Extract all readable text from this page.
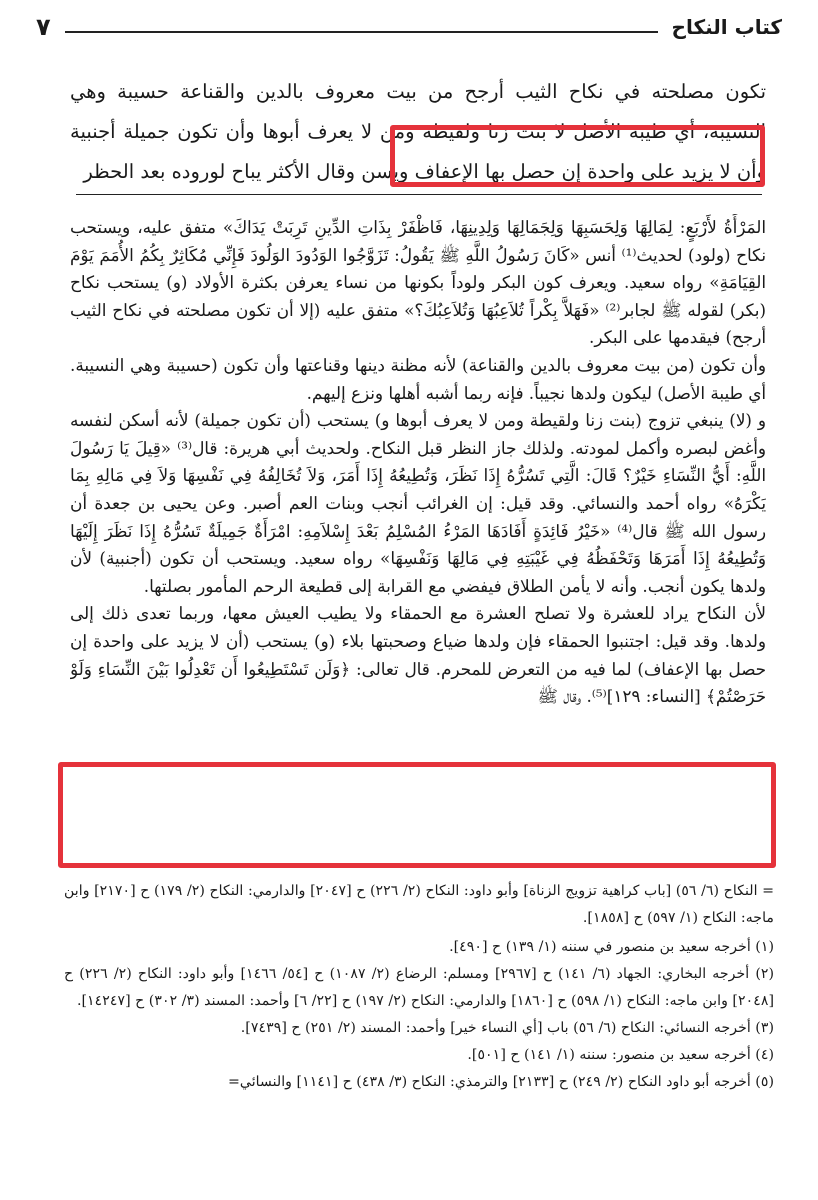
كتاب النكاح
٧

تكون مصلحته في نكاح الثيب أرجح من بيت معروف بالدين والقناعة حسيبة وهي النسيبة، أي طيبة الأصل لا بنت زنا ولقيطة ومن لا يعرف أبوها وأن تكون جميلة أجنبية وأن لا يزيد على واحدة إن حصل بها الإعفاف ويسن وقال الأكثر يباح لوروده بعد الحظر

المَرْأَةُ لأَرْبَعٍ: لِمَالِهَا وَلِحَسَبِهَا وَلِجَمَالِهَا وَلِدِينِهَا، فَاظْفَرْ بِذَاتِ الدِّينِ تَرِبَتْ يَدَاكَ» متفق عليه، ويستحب نكاح (ولود) لحديث⁽¹⁾ أنس «كَانَ رَسُولُ اللَّهِ ﷺ يَقُولُ: تَزَوَّجُوا الوَدُودَ الوَلُودَ فَإِنِّي مُكَاثِرٌ بِكُمُ الأُمَمَ يَوْمَ القِيَامَةِ» رواه سعيد. ويعرف كون البكر ولوداً بكونها من نساء يعرفن بكثرة الأولاد (و) يستحب نكاح (بكر) لقوله ﷺ لجابر⁽²⁾ «فَهَلاَّ بِكْراً تُلاَعِبُهَا وَتُلاَعِبُكَ؟» متفق عليه (إلا أن تكون مصلحته في نكاح الثيب أرجح) فيقدمها على البكر.

وأن تكون (من بيت معروف بالدين والقناعة) لأنه مظنة دينها وقناعتها وأن تكون (حسيبة وهي النسيبة. أي طيبة الأصل) ليكون ولدها نجيباً. فإنه ربما أشبه أهلها ونزع إليهم.

و (لا) ينبغي تزوج (بنت زنا ولقيطة ومن لا يعرف أبوها و) يستحب (أن تكون جميلة) لأنه أسكن لنفسه وأغض لبصره وأكمل لمودته. ولذلك جاز النظر قبل النكاح. ولحديث أبي هريرة: قال⁽³⁾ «قِيلَ يَا رَسُولَ اللَّهِ: أَيُّ النِّسَاءِ خَيْرٌ؟ قَالَ: الَّتِي تَسُرُّهُ إِذَا نَظَرَ، وَتُطِيعُهُ إِذَا أَمَرَ، وَلاَ تُخَالِفُهُ فِي نَفْسِهَا وَلاَ فِي مَالِهِ بِمَا يَكْرَهُ» رواه أحمد والنسائي. وقد قيل: إن الغرائب أنجب وبنات العم أصبر. وعن يحيى بن جعدة أن رسول الله ﷺ قال⁽⁴⁾ «خَيْرُ فَائِدَةٍ أَفَادَهَا المَرْءُ المُسْلِمُ بَعْدَ إِسْلاَمِهِ: امْرَأَةٌ جَمِيلَةٌ تَسُرُّهُ إِذَا نَظَرَ إِلَيْهَا وَتُطِيعُهُ إِذَا أَمَرَهَا وَتَحْفَظُهُ فِي غَيْبَتِهِ فِي مَالِهَا وَنَفْسِهَا» رواه سعيد. ويستحب أن تكون (أجنبية) لأن ولدها يكون أنجب. وأنه لا يأمن الطلاق فيفضي مع القرابة إلى قطيعة الرحم المأمور بصلتها.

لأن النكاح يراد للعشرة ولا تصلح العشرة مع الحمقاء ولا يطيب العيش معها، وربما تعدى ذلك إلى ولدها. وقد قيل: اجتنبوا الحمقاء فإن ولدها ضياع وصحبتها بلاء (و) يستحب (أن لا يزيد على واحدة إن حصل بها الإعفاف) لما فيه من التعرض للمحرم. قال تعالى: ﴿وَلَن تَسْتَطِيعُوا أَن تَعْدِلُوا بَيْنَ النِّسَاءِ وَلَوْ حَرَصْتُمْ﴾ [النساء: ١٢٩]⁽⁵⁾. وقال ﷺ

= النكاح (٦/ ٥٦) [باب كراهية تزويج الزناة] وأبو داود: النكاح (٢/ ٢٢٦) ح [٢٠٤٧] والدارمي: النكاح (٢/ ١٧٩) ح [٢١٧٠] وابن ماجه: النكاح (١/ ٥٩٧) ح [١٨٥٨].

(١) أخرجه سعيد بن منصور في سننه (١/ ١٣٩) ح [٤٩٠].

(٢) أخرجه البخاري: الجهاد (٦/ ١٤١) ح [٢٩٦٧] ومسلم: الرضاع (٢/ ١٠٨٧) ح [٥٤/ ١٤٦٦] وأبو داود: النكاح (٢/ ٢٢٦) ح [٢٠٤٨] وابن ماجه: النكاح (١/ ٥٩٨) ح [١٨٦٠] والدارمي: النكاح (٢/ ١٩٧) ح [٢٢/ ٦] وأحمد: المسند (٣/ ٣٠٢) ح [١٤٢٤٧].

(٣) أخرجه النسائي: النكاح (٦/ ٥٦) باب [أي النساء خير] وأحمد: المسند (٢/ ٢٥١) ح [٧٤٣٩].

(٤) أخرجه سعيد بن منصور: سننه (١/ ١٤١) ح [٥٠١].

(٥) أخرجه أبو داود النكاح (٢/ ٢٤٩) ح [٢١٣٣] والترمذي: النكاح (٣/ ٤٣٨) ح [١١٤١] والنسائي=
